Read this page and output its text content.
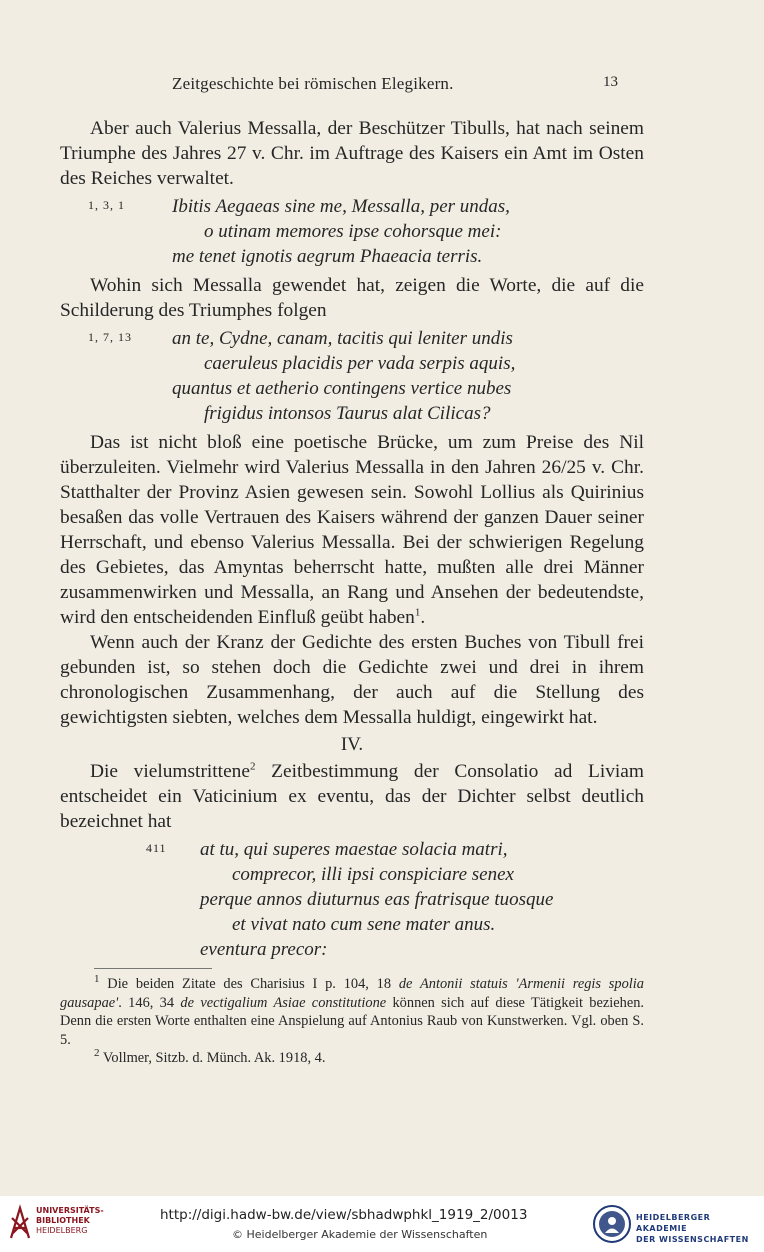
Zeitgeschichte bei römischen Elegikern.	13

Aber auch Valerius Messalla, der Beschützer Tibulls, hat nach seinem Triumphe des Jahres 27 v. Chr. im Auftrage des Kaisers ein Amt im Osten des Reiches verwaltet.

1, 3, 1	Ibitis Aegaeas sine me, Messalla, per undas,
o utinam memores ipse cohorsque mei:
me tenet ignotis aegrum Phaeacia terris.

Wohin sich Messalla gewendet hat, zeigen die Worte, die auf die Schilderung des Triumphes folgen

1, 7, 13	an te, Cydne, canam, tacitis qui leniter undis
caeruleus placidis per vada serpis aquis,
quantus et aetherio contingens vertice nubes
frigidus intonsos Taurus alat Cilicas?

Das ist nicht bloß eine poetische Brücke, um zum Preise des Nil überzuleiten. Vielmehr wird Valerius Messalla in den Jahren 26/25 v. Chr. Statthalter der Provinz Asien gewesen sein. Sowohl Lollius als Quirinius besaßen das volle Vertrauen des Kaisers während der ganzen Dauer seiner Herrschaft, und ebenso Valerius Messalla. Bei der schwierigen Regelung des Gebietes, das Amyntas beherrscht hatte, mußten alle drei Männer zusammenwirken und Messalla, an Rang und Ansehen der bedeutendste, wird den entscheidenden Einfluß geübt haben$^1$.

Wenn auch der Kranz der Gedichte des ersten Buches von Tibull frei gebunden ist, so stehen doch die Gedichte zwei und drei in ihrem chronologischen Zusammenhang, der auch auf die Stellung des gewichtigsten siebten, welches dem Messalla huldigt, eingewirkt hat.

IV.

Die vielumstrittene$^2$ Zeitbestimmung der Consolatio ad Liviam entscheidet ein Vaticinium ex eventu, das der Dichter selbst deutlich bezeichnet hat

411	at tu, qui superes maestae solacia matri,
comprecor, illi ipsi conspiciare senex
perque annos diuturnus eas fratrisque tuosque
et vivat nato cum sene mater anus.
eventura precor:

$^1$ Die beiden Zitate des Charisius I p. 104, 18 de Antonii statuis 'Armenii regis spolia gausapae'. 146, 34 de vectigalium Asiae constitutione können sich auf diese Tätigkeit beziehen. Denn die ersten Worte enthalten eine Anspielung auf Antonius Raub von Kunstwerken. Vgl. oben S. 5.

$^2$ Vollmer, Sitzb. d. Münch. Ak. 1918, 4.

UNIVERSITÄTS-
BIBLIOTHEK
HEIDELBERG
http://digi.hadw-bw.de/view/sbhadwphkl_1919_2/0013
© Heidelberger Akademie der Wissenschaften
HEIDELBERGER AKADEMIE
DER WISSENSCHAFTEN
